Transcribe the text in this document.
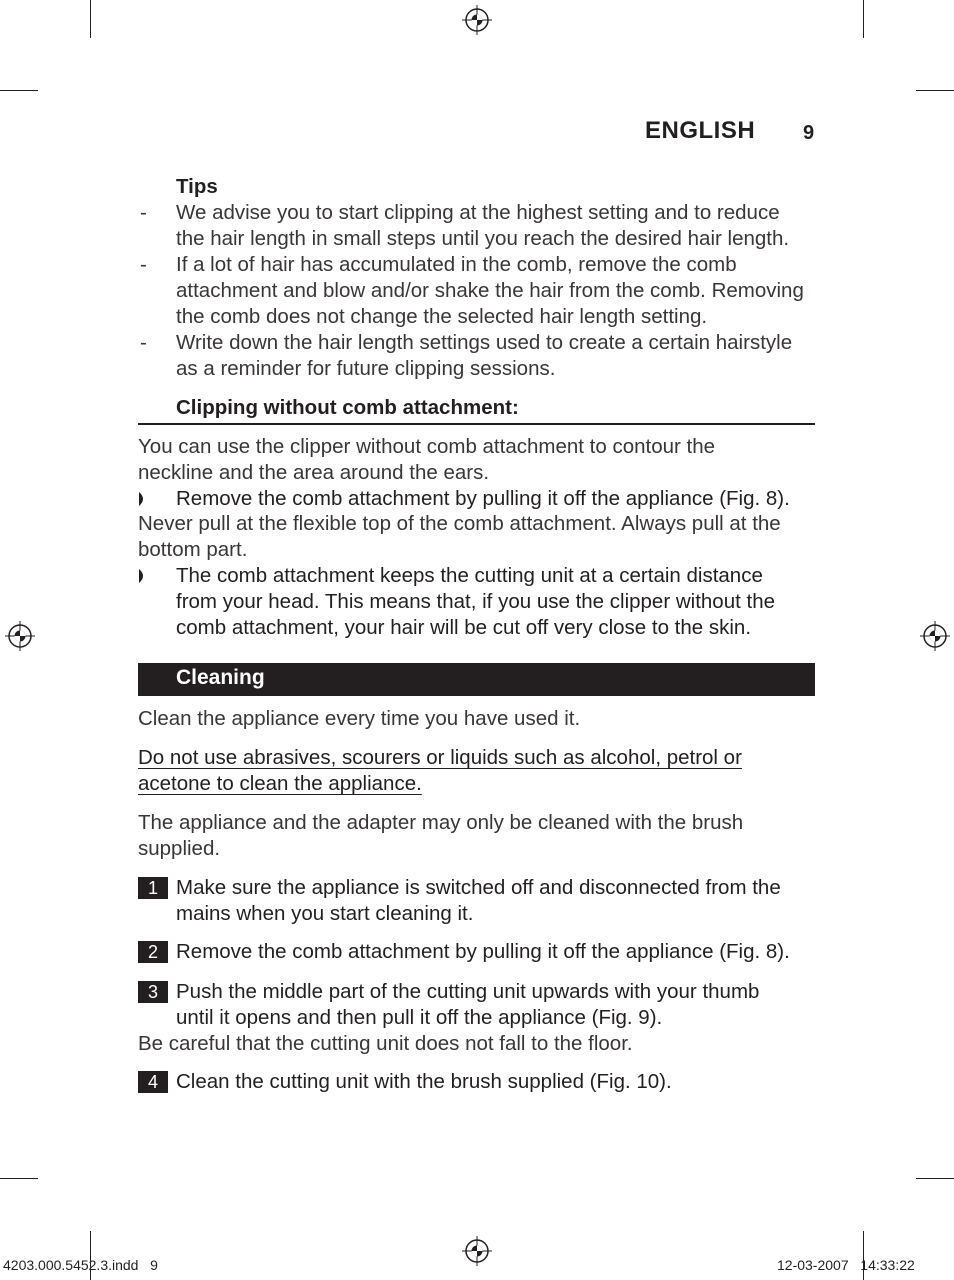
ENGLISH 9
Tips
- We advise you to start clipping at the highest setting and to reduce
the hair length in small steps until you reach the desired hair length.
- If a lot of hair has accumulated in the comb, remove the comb
attachment and blow and/or shake the hair from the comb. Removing
the comb does not change the selected hair length setting.
- Write down the hair length settings used to create a certain hairstyle
as a reminder for future clipping sessions.
Clipping without comb attachment:
You can use the clipper without comb attachment to contour the
neckline and the area around the ears.
Remove the comb attachment by pulling it off the appliance (Fig. 8).
Never pull at the flexible top of the comb attachment. Always pull at the
bottom part.
The comb attachment keeps the cutting unit at a certain distance
from your head. This means that, if you use the clipper without the
comb attachment, your hair will be cut off very close to the skin.
Cleaning
Clean the appliance every time you have used it.
Do not use abrasives, scourers or liquids such as alcohol, petrol or
acetone to clean the appliance.
The appliance and the adapter may only be cleaned with the brush
supplied.
1 Make sure the appliance is switched off and disconnected from the
mains when you start cleaning it.
2 Remove the comb attachment by pulling it off the appliance (Fig. 8).
3 Push the middle part of the cutting unit upwards with your thumb
until it opens and then pull it off the appliance (Fig. 9).
Be careful that the cutting unit does not fall to the floor.
4 Clean the cutting unit with the brush supplied (Fig. 10).
4203.000.5452.3.indd   9	12-03-2007   14:33:22
